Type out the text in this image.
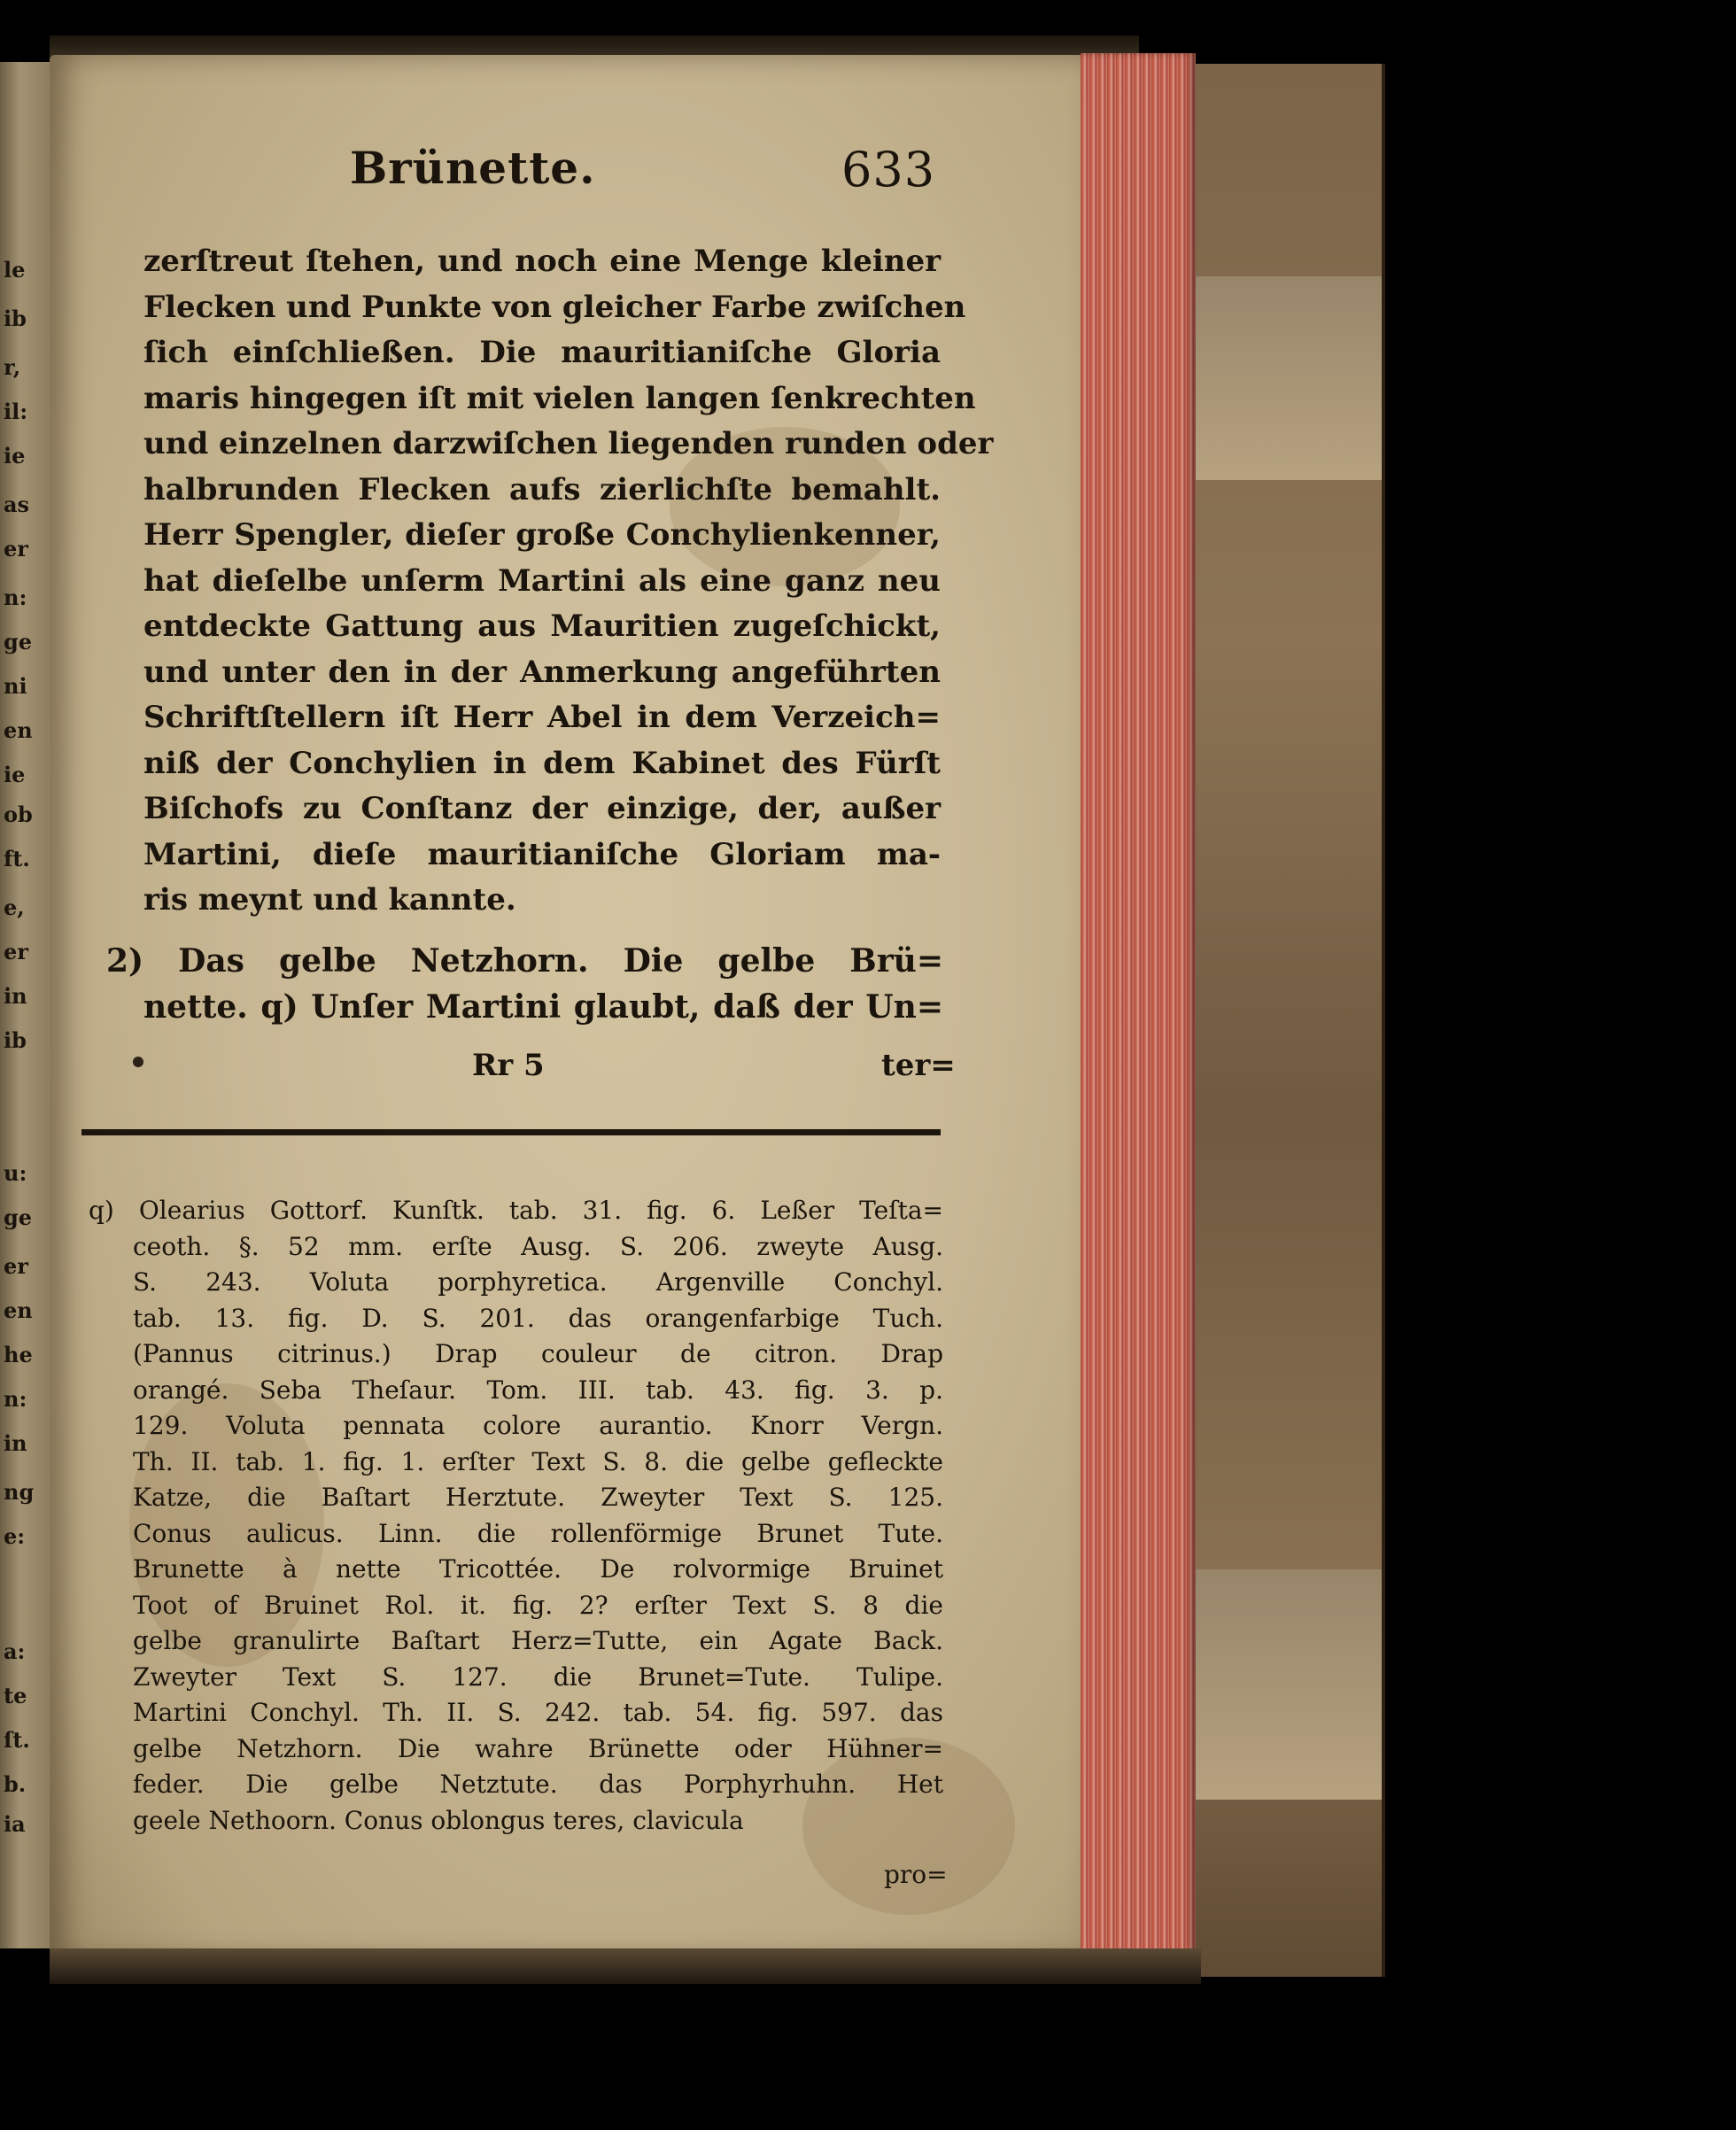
le
ib
r,
il:
ie
as
er
n:
ge
ni
en
ie
ob
ft.
e,
er
in
ib
u:
ge
er
en
he
n:
in
ng
e:
a:
te
ſt.
b.
ia
Brünette.	633
zerſtreut ſtehen, und noch eine Menge kleiner
Flecken und Punkte von gleicher Farbe zwiſchen
ſich einſchließen. Die mauritianiſche Gloria
maris hingegen iſt mit vielen langen ſenkrechten
und einzelnen darzwiſchen liegenden runden oder
halbrunden Flecken aufs zierlichſte bemahlt.
Herr Spengler, dieſer große Conchylienkenner,
hat dieſelbe unſerm Martini als eine ganz neu
entdeckte Gattung aus Mauritien zugeſchickt,
und unter den in der Anmerkung angeführten
Schriftſtellern iſt Herr Abel in dem Verzeich=
niß der Conchylien in dem Kabinet des Fürſt
Biſchofs zu Conſtanz der einzige, der, außer
Martini, dieſe mauritianiſche Gloriam ma-
ris meynt und kannte.
2) Das gelbe Netzhorn. Die gelbe Brü=
nette. q) Unſer Martini glaubt, daß der Un=
Rr 5	ter=
q) Olearius Gottorf. Kunſtk. tab. 31. fig. 6. Leßer Teſta=
ceoth. §. 52 mm. erſte Ausg. S. 206. zweyte Ausg.
S. 243. Voluta porphyretica. Argenville Conchyl.
tab. 13. fig. D. S. 201. das orangenfarbige Tuch.
(Pannus citrinus.) Drap couleur de citron. Drap
orangé. Seba Theſaur. Tom. III. tab. 43. fig. 3. p.
129. Voluta pennata colore aurantio. Knorr Vergn.
Th. II. tab. 1. fig. 1. erſter Text S. 8. die gelbe gefleckte
Katze, die Baſtart Herztute. Zweyter Text S. 125.
Conus aulicus. Linn. die rollenförmige Brunet Tute.
Brunette à nette Tricottée. De rolvormige Bruinet
Toot of Bruinet Rol. it. fig. 2? erſter Text S. 8 die
gelbe granulirte Baſtart Herz=Tutte, ein Agate Back.
Zweyter Text S. 127. die Brunet=Tute. Tulipe.
Martini Conchyl. Th. II. S. 242. tab. 54. fig. 597. das
gelbe Netzhorn. Die wahre Brünette oder Hühner=
feder. Die gelbe Netztute. das Porphyrhuhn. Het
geele Nethoorn. Conus oblongus teres, clavicula
pro=
